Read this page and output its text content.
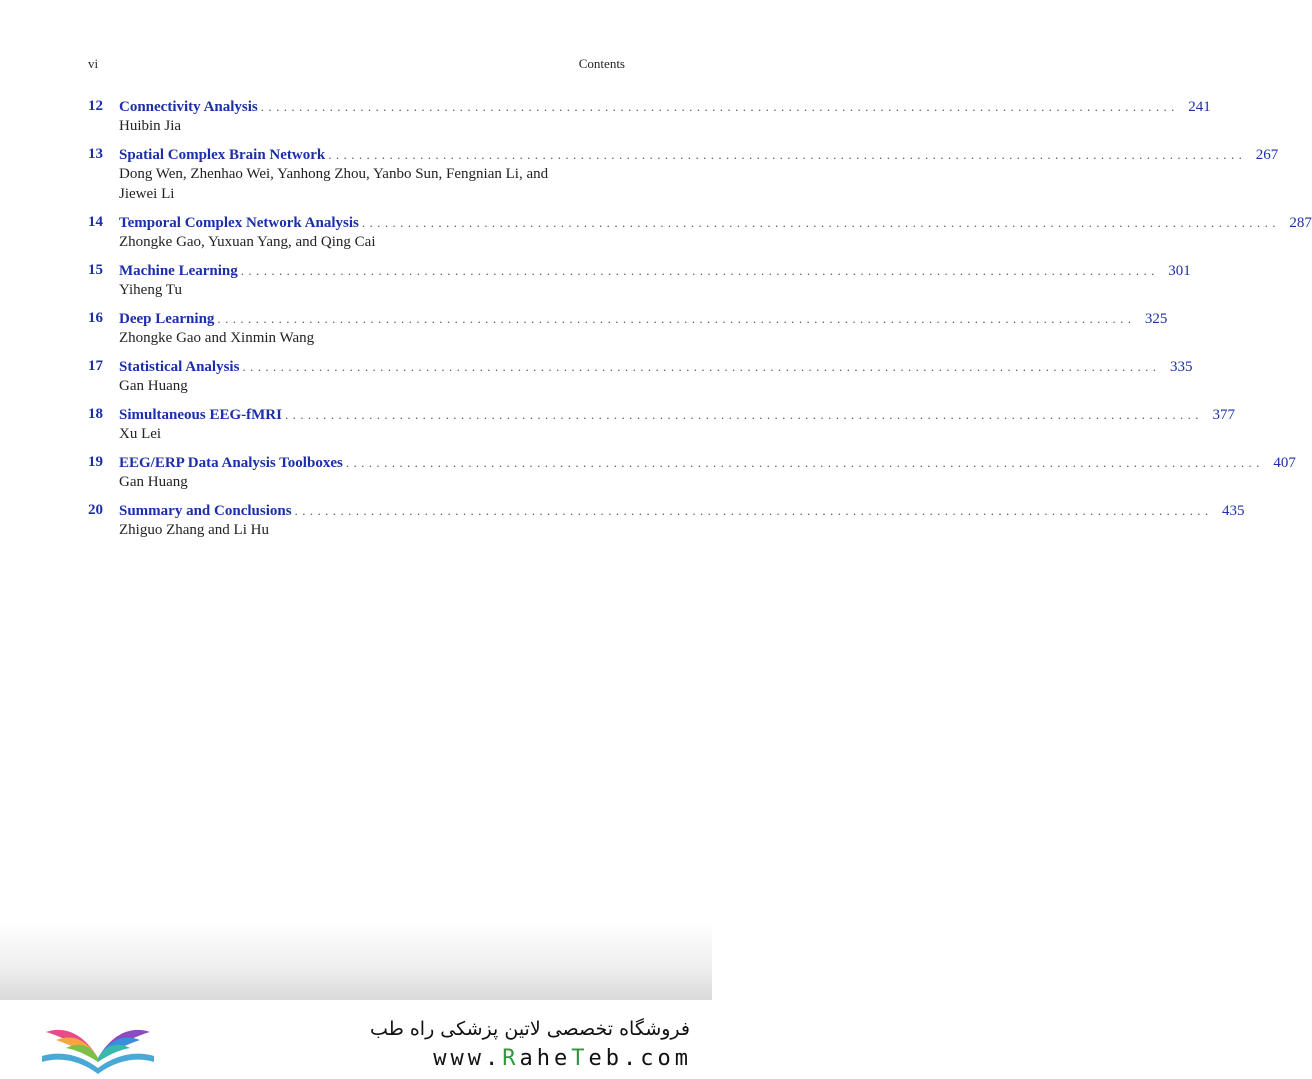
vi	Contents
12	Connectivity Analysis ........................................................................................................................ 241
Huibin Jia
13	Spatial Complex Brain Network ........................................................................................................................ 267
Dong Wen, Zhenhao Wei, Yanhong Zhou, Yanbo Sun, Fengnian Li, and Jiewei Li
14	Temporal Complex Network Analysis ........................................................................................................................ 287
Zhongke Gao, Yuxuan Yang, and Qing Cai
15	Machine Learning ........................................................................................................................ 301
Yiheng Tu
16	Deep Learning ........................................................................................................................ 325
Zhongke Gao and Xinmin Wang
17	Statistical Analysis ........................................................................................................................ 335
Gan Huang
18	Simultaneous EEG-fMRI ........................................................................................................................ 377
Xu Lei
19	EEG/ERP Data Analysis Toolboxes ........................................................................................................................ 407
Gan Huang
20	Summary and Conclusions ........................................................................................................................ 435
Zhiguo Zhang and Li Hu
فروشگاه تخصصی لاتین پزشکی راه طب
www.RaheTeb.com
